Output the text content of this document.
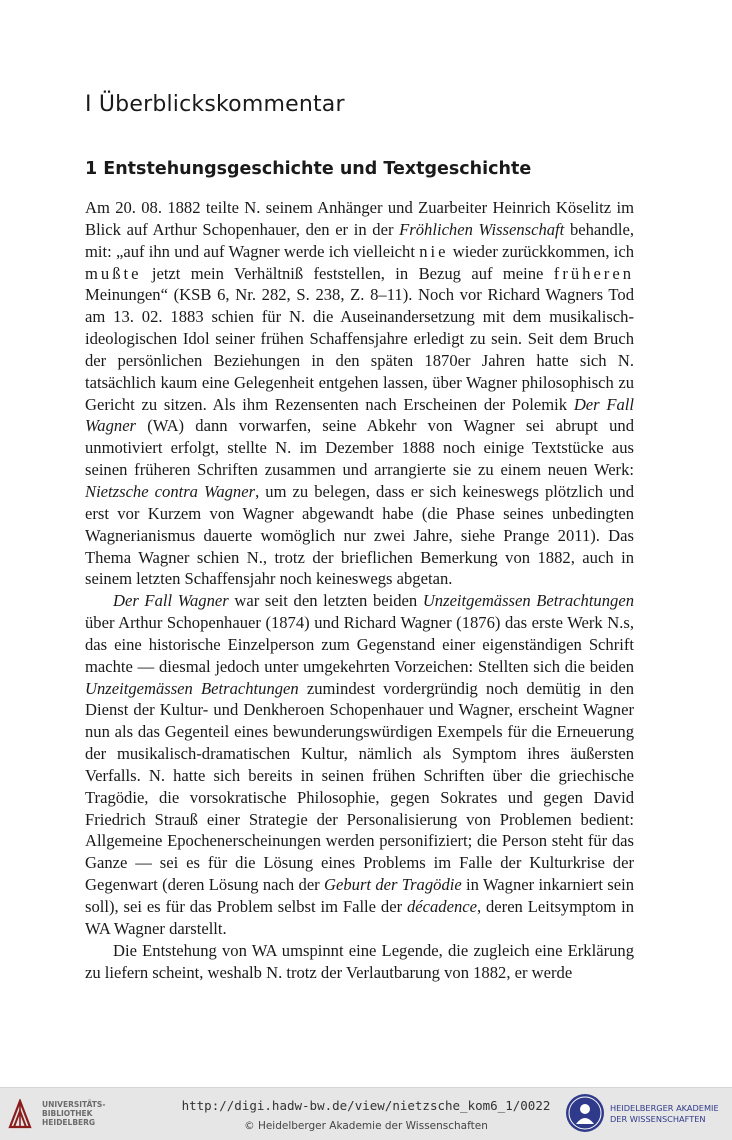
I Überblickskommentar
1 Entstehungsgeschichte und Textgeschichte

Am 20. 08. 1882 teilte N. seinem Anhänger und Zuarbeiter Heinrich Köselitz im Blick auf Arthur Schopenhauer, den er in der Fröhlichen Wissenschaft behandle, mit: „auf ihn und auf Wagner werde ich vielleicht nie wieder zurückkommen, ich mußte jetzt mein Verhältniß feststellen, in Bezug auf meine früheren Meinungen“ (KSB 6, Nr. 282, S. 238, Z. 8–11). Noch vor Richard Wagners Tod am 13. 02. 1883 schien für N. die Auseinandersetzung mit dem musikalisch-ideologischen Idol seiner frühen Schaffensjahre erledigt zu sein. Seit dem Bruch der persönlichen Beziehungen in den späten 1870er Jahren hatte sich N. tatsächlich kaum eine Gelegenheit entgehen lassen, über Wagner philosophisch zu Gericht zu sitzen. Als ihm Rezensenten nach Erscheinen der Polemik Der Fall Wagner (WA) dann vorwarfen, seine Abkehr von Wagner sei abrupt und unmotiviert erfolgt, stellte N. im Dezember 1888 noch einige Textstücke aus seinen früheren Schriften zusammen und arrangierte sie zu einem neuen Werk: Nietzsche contra Wagner, um zu belegen, dass er sich keineswegs plötzlich und erst vor Kurzem von Wagner abgewandt habe (die Phase seines unbedingten Wagnerianismus dauerte womöglich nur zwei Jahre, siehe Prange 2011). Das Thema Wagner schien N., trotz der brieflichen Bemerkung von 1882, auch in seinem letzten Schaffensjahr noch keineswegs abgetan.

Der Fall Wagner war seit den letzten beiden Unzeitgemässen Betrachtungen über Arthur Schopenhauer (1874) und Richard Wagner (1876) das erste Werk N.s, das eine historische Einzelperson zum Gegenstand einer eigenständigen Schrift machte — diesmal jedoch unter umgekehrten Vorzeichen: Stellten sich die beiden Unzeitgemässen Betrachtungen zumindest vordergründig noch demütig in den Dienst der Kultur- und Denkheroen Schopenhauer und Wagner, erscheint Wagner nun als das Gegenteil eines bewunderungswürdigen Exempels für die Erneuerung der musikalisch-dramatischen Kultur, nämlich als Symptom ihres äußersten Verfalls. N. hatte sich bereits in seinen frühen Schriften über die griechische Tragödie, die vorsokratische Philosophie, gegen Sokrates und gegen David Friedrich Strauß einer Strategie der Personalisierung von Problemen bedient: Allgemeine Epochenerscheinungen werden personifiziert; die Person steht für das Ganze — sei es für die Lösung eines Problems im Falle der Kulturkrise der Gegenwart (deren Lösung nach der Geburt der Tragödie in Wagner inkarniert sein soll), sei es für das Problem selbst im Falle der décadence, deren Leitsymptom in WA Wagner darstellt.

Die Entstehung von WA umspinnt eine Legende, die zugleich eine Erklärung zu liefern scheint, weshalb N. trotz der Verlautbarung von 1882, er werde

UNIVERSITÄTS-
BIBLIOTHEK
HEIDELBERG
http://digi.hadw-bw.de/view/nietzsche_kom6_1/0022
© Heidelberger Akademie der Wissenschaften
HEIDELBERGER AKADEMIE
DER WISSENSCHAFTEN
